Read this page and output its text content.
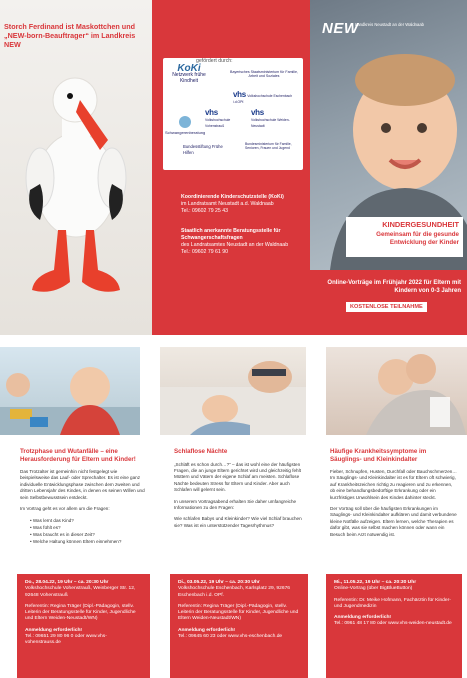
Storch Ferdinand ist Maskottchen und „NEW-born-Beauftrager“ im Landkreis NEW
KoKi
Netzwerk frühe Kindheit
Bayerisches Staatsministerium für Familie, Arbeit und Soziales
vhs Volkshochschule Eschenbach i.d.OPf.
vhs
Volkshochschule Vohenstrauß
vhs
Volkshochschule Weiden-Neustadt
Schwangerenberatung
Bundesstiftung Frühe Hilfen
Bundesministerium für Familie, Senioren, Frauen und Jugend
gefördert durch:
Koordinierende Kinderschutzstelle (KoKi)
im Landratsamt Neustadt a.d. Waldnaab
Tel.: 09602 79 25 43
Staatlich anerkannte Beratungsstelle für Schwangerschaftsfragen
des Landratsamtes Neustadt an der Waldnaab
Tel.: 09602 79 61 90
NEW
Landkreis Neustadt an der Waldnaab
KINDERGESUNDHEIT
Gemeinsam für die gesunde Entwicklung der Kinder
Online-Vorträge im Frühjahr 2022 für Eltern mit Kindern von 0-3 Jahren
KOSTENLOSE TEILNAHME
Trotzphase und Wutanfälle – eine Herausforderung für Eltern und Kinder!

Das Trotzalter ist gemeinhin nicht festgelegt wie beispielsweise das Lauf- oder Sprechalter. Es ist eine ganz individuelle Entwicklungsphase zwischen dem zweiten und dritten Lebensjahr des Kindes, in denen es seinen Willen und sein Selbstbewusstsein entdeckt.

Im Vortrag geht es vor allem um die Fragen:

• Was lernt das Kind?
• Was fühlt es?
• Was braucht es in dieser Zeit?
• Welche Haltung können Eltern einnehmen?
Schlaflose Nächte

„Schläft es schon durch…?“ – das ist wohl eine der häufigsten Fragen, die an junge Eltern gerichtet wird und gleichzeitig fehlt Müttern und Vätern der eigene Schlaf am meisten. Schlaflose Nächte bedeuten Stress für Eltern und Kinder. Aber auch Schlafen will gelernt sein.

In unserem Vortragsabend erhalten Sie daher umfangreiche Informationen zu den Fragen:

Wie schlafen Babys und Kleinkinder? Wie viel Schlaf brauchen sie? Was ist ein unterstützender Tagesrhythmus?

Häufige Krankheitssymptome im Säuglings- und Kleinkindalter

Fieber, Schnupfen, Husten, Durchfall oder Bauchschmerzen… Im Säuglings- und Kleinkindalter ist es für Eltern oft schwierig, auf Krankheitszeichen richtig zu reagieren und zu erkennen, ob eine behandlungsbedürftige Erkrankung oder ein kurzfristiges Unwohlsein des Kindes dahinter steckt.

Der Vortrag soll über die häufigsten Erkrankungen im Säuglings- und Kleinkindalter aufklären und damit verbundene kleine Notfälle aufzeigen. Eltern lernen, welche Therapien es dafür gibt, was sie selbst machen können oder wann ein Besuch beim Arzt notwendig ist.

Do., 28.04.22, 19 Uhr – ca. 20:30 Uhr
Volkshochschule Vohenstrauß, Weinberger Str. 12, 92648 Vohenstrauß

Referentin: Regina Träger (Dipl.-Pädagogin, stellv. Leiterin der Beratungsstelle für Kinder, Jugendliche und Eltern Weiden-Neustadt/WN)

Anmeldung erforderlich!
Tel.: 09651 29 80 96 0 oder www.vhs-vohenstrauss.de

Di., 03.05.22, 19 Uhr – ca. 20:30 Uhr
Volkshochschule Eschenbach, Karlsplatz 29, 92676 Eschenbach i.d. OPf.

Referentin: Regina Träger (Dipl.-Pädagogin, stellv. Leiterin der Beratungsstelle für Kinder, Jugendliche und Eltern Weiden-Neustadt/WN)

Anmeldung erforderlich!
Tel.: 09645 60 23 oder www.vhs-eschenbach.de

Mi., 11.05.22, 19 Uhr – ca. 20:30 Uhr
Online-Vortrag (über BigBlueButton)

Referentin: Dr. Meike Hofmann, Fachärztin für Kinder- und Jugendmedizin

Anmeldung erforderlich!
Tel.: 0961 48 17 80 oder www.vhs-weiden-neustadt.de
